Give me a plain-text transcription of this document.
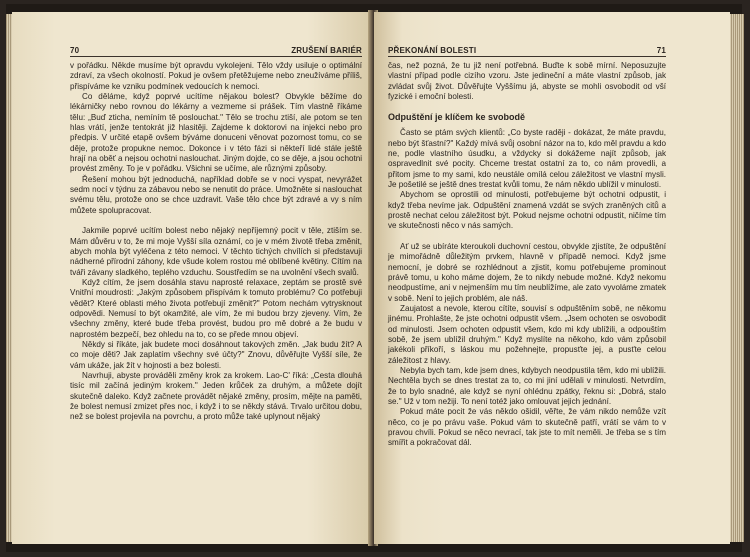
70	ZRUŠENÍ BARIÉR

v pořádku. Někde musíme být opravdu vykolejeni. Tělo vždy usiluje o optimální zdraví, za všech okolností. Pokud je ovšem přetěžujeme nebo zneužíváme příliš, přispíváme ke vzniku podmínek vedoucích k nemoci.

Co děláme, když poprvé ucítíme nějakou bolest? Obvykle běžíme do lékárničky nebo rovnou do lékárny a vezmeme si prášek. Tím vlastně říkáme tělu: „Buď zticha, nemíním tě poslouchat." Tělo se trochu ztiší, ale potom se ten hlas vrátí, jenže tentokrát již hlasitěji. Zajdeme k doktorovi na injekci nebo pro předpis. V určité etapě ovšem býváme donuceni věnovat pozornost tomu, co se děje, protože propukne nemoc. Dokonce i v této fázi si někteří lidé stále ještě hrají na oběť a nejsou ochotni naslouchat. Jiným dojde, co se děje, a jsou ochotni provést změny. To je v pořádku. Všichni se učíme, ale různými způsoby.

Řešení mohou být jednoduchá, například dobře se v noci vyspat, nevyrážet sedm nocí v týdnu za zábavou nebo se nenutit do práce. Umožněte si naslouchat svému tělu, protože ono se chce uzdravit. Vaše tělo chce být zdravé a vy s ním můžete spolupracovat.

Jakmile poprvé ucítím bolest nebo nějaký nepříjemný pocit v těle, ztiším se. Mám důvěru v to, že mi moje Vyšší síla oznámí, co je v mém životě třeba změnit, abych mohla být vyléčena z této nemoci. V těchto tichých chvílích si představuji nádherné přírodní záhony, kde všude kolem rostou mé oblíbené květiny. Cítím na tváři závany sladkého, teplého vzduchu. Soustředím se na uvolnění všech svalů.

Když cítím, že jsem dosáhla stavu naprosté relaxace, zeptám se prostě své Vnitřní moudrosti: „Jakým způsobem přispívám k tomuto problému? Co potřebuji vědět? Které oblasti mého života potřebují změnit?" Potom nechám vytrysknout odpovědi. Nemusí to být okamžité, ale vím, že mi budou brzy zjeveny. Vím, že všechny změny, které bude třeba provést, budou pro mě dobré a že budu v naprostém bezpečí, bez ohledu na to, co se přede mnou objeví.

Někdy si říkáte, jak budete moci dosáhnout takových změn. „Jak budu žít? A co moje děti? Jak zaplatím všechny své účty?" Znovu, důvěřujte Vyšší síle, že vám ukáže, jak žít v hojnosti a bez bolesti.

Navrhuji, abyste prováděli změny krok za krokem. Lao-C' říká: „Cesta dlouhá tisíc mil začíná jediným krokem." Jeden krůček za druhým, a můžete dojít skutečně daleko. Když začnete provádět nějaké změny, prosím, mějte na paměti, že bolest nemusí zmizet přes noc, i když i to se někdy stává. Trvalo určitou dobu, než se bolest projevila na povrchu, a proto může také uplynout nějaký

PŘEKONÁNÍ BOLESTI	71

čas, než pozná, že tu již není potřebná. Buďte k sobě mírní. Neposuzujte vlastní případ podle cizího vzoru. Jste jedineční a máte vlastní způsob, jak zvládat svůj život. Důvěřujte Vyššímu já, abyste se mohli osvobodit od vší fyzické i emoční bolesti.

Odpuštění je klíčem ke svobodě

Často se ptám svých klientů: „Co byste raději - dokázat, že máte pravdu, nebo být šťastní?" Každý mívá svůj osobní názor na to, kdo měl pravdu a kdo ne, podle vlastního úsudku, a vždycky si dokážeme najít způsob, jak ospravedlnit své pocity. Chceme trestat ostatní za to, co nám provedli, a přitom jsme to my sami, kdo neustále omílá celou záležitost ve vlastní mysli. Je pošetilé se ještě dnes trestat kvůli tomu, že nám někdo ublížil v minulosti.

Abychom se oprostili od minulosti, potřebujeme být ochotni odpustit, i když třeba nevíme jak. Odpuštění znamená vzdát se svých zraněných citů a prostě nechat celou záležitost být. Pokud nejsme ochotni odpustit, ničíme tím ve skutečnosti něco v nás samých.

Ať už se ubíráte kteroukoli duchovní cestou, obvykle zjistíte, že odpuštění je mimořádně důležitým prvkem, hlavně v případě nemoci. Když jsme nemocní, je dobré se rozhlédnout a zjistit, komu potřebujeme prominout právě tomu, u koho máme dojem, že to nikdy nebude možné. Když nekomu neodpustíme, ani v nejmenším mu tím neublížíme, ale zato vyvoláme zmatek v sobě. Není to jejich problém, ale náš.

Zaujatost a nevole, kterou cítíte, souvisí s odpuštěním sobě, ne někomu jinému. Prohlašte, že jste ochotni odpustit všem. „Jsem ochoten se osvobodit od minulosti. Jsem ochoten odpustit všem, kdo mi kdy ublížili, a odpouštím sobě, že jsem ublížil druhým." Když myslíte na někoho, kdo vám způsobil jakékoli příkoří, s láskou mu požehnejte, propusťte jej, a pusťte celou záležitost z hlavy.

Nebyla bych tam, kde jsem dnes, kdybych neodpustila těm, kdo mi ublížili. Nechtěla bych se dnes trestat za to, co mi jiní udělali v minulosti. Netvrdím, že to bylo snadné, ale když se nyní ohlédnu zpátky, řeknu si: „Dobrá, stalo se." Už v tom nežiji. To není totéž jako omlouvat jejich jednání.

Pokud máte pocit že vás někdo ošidil, věřte, že vám nikdo nemůže vzít něco, co je po právu vaše. Pokud vám to skutečně patří, vrátí se vám to v pravou chvíli. Pokud se něco nevrací, tak jste to mít neměli. Je třeba se s tím smířit a pokračovat dál.
